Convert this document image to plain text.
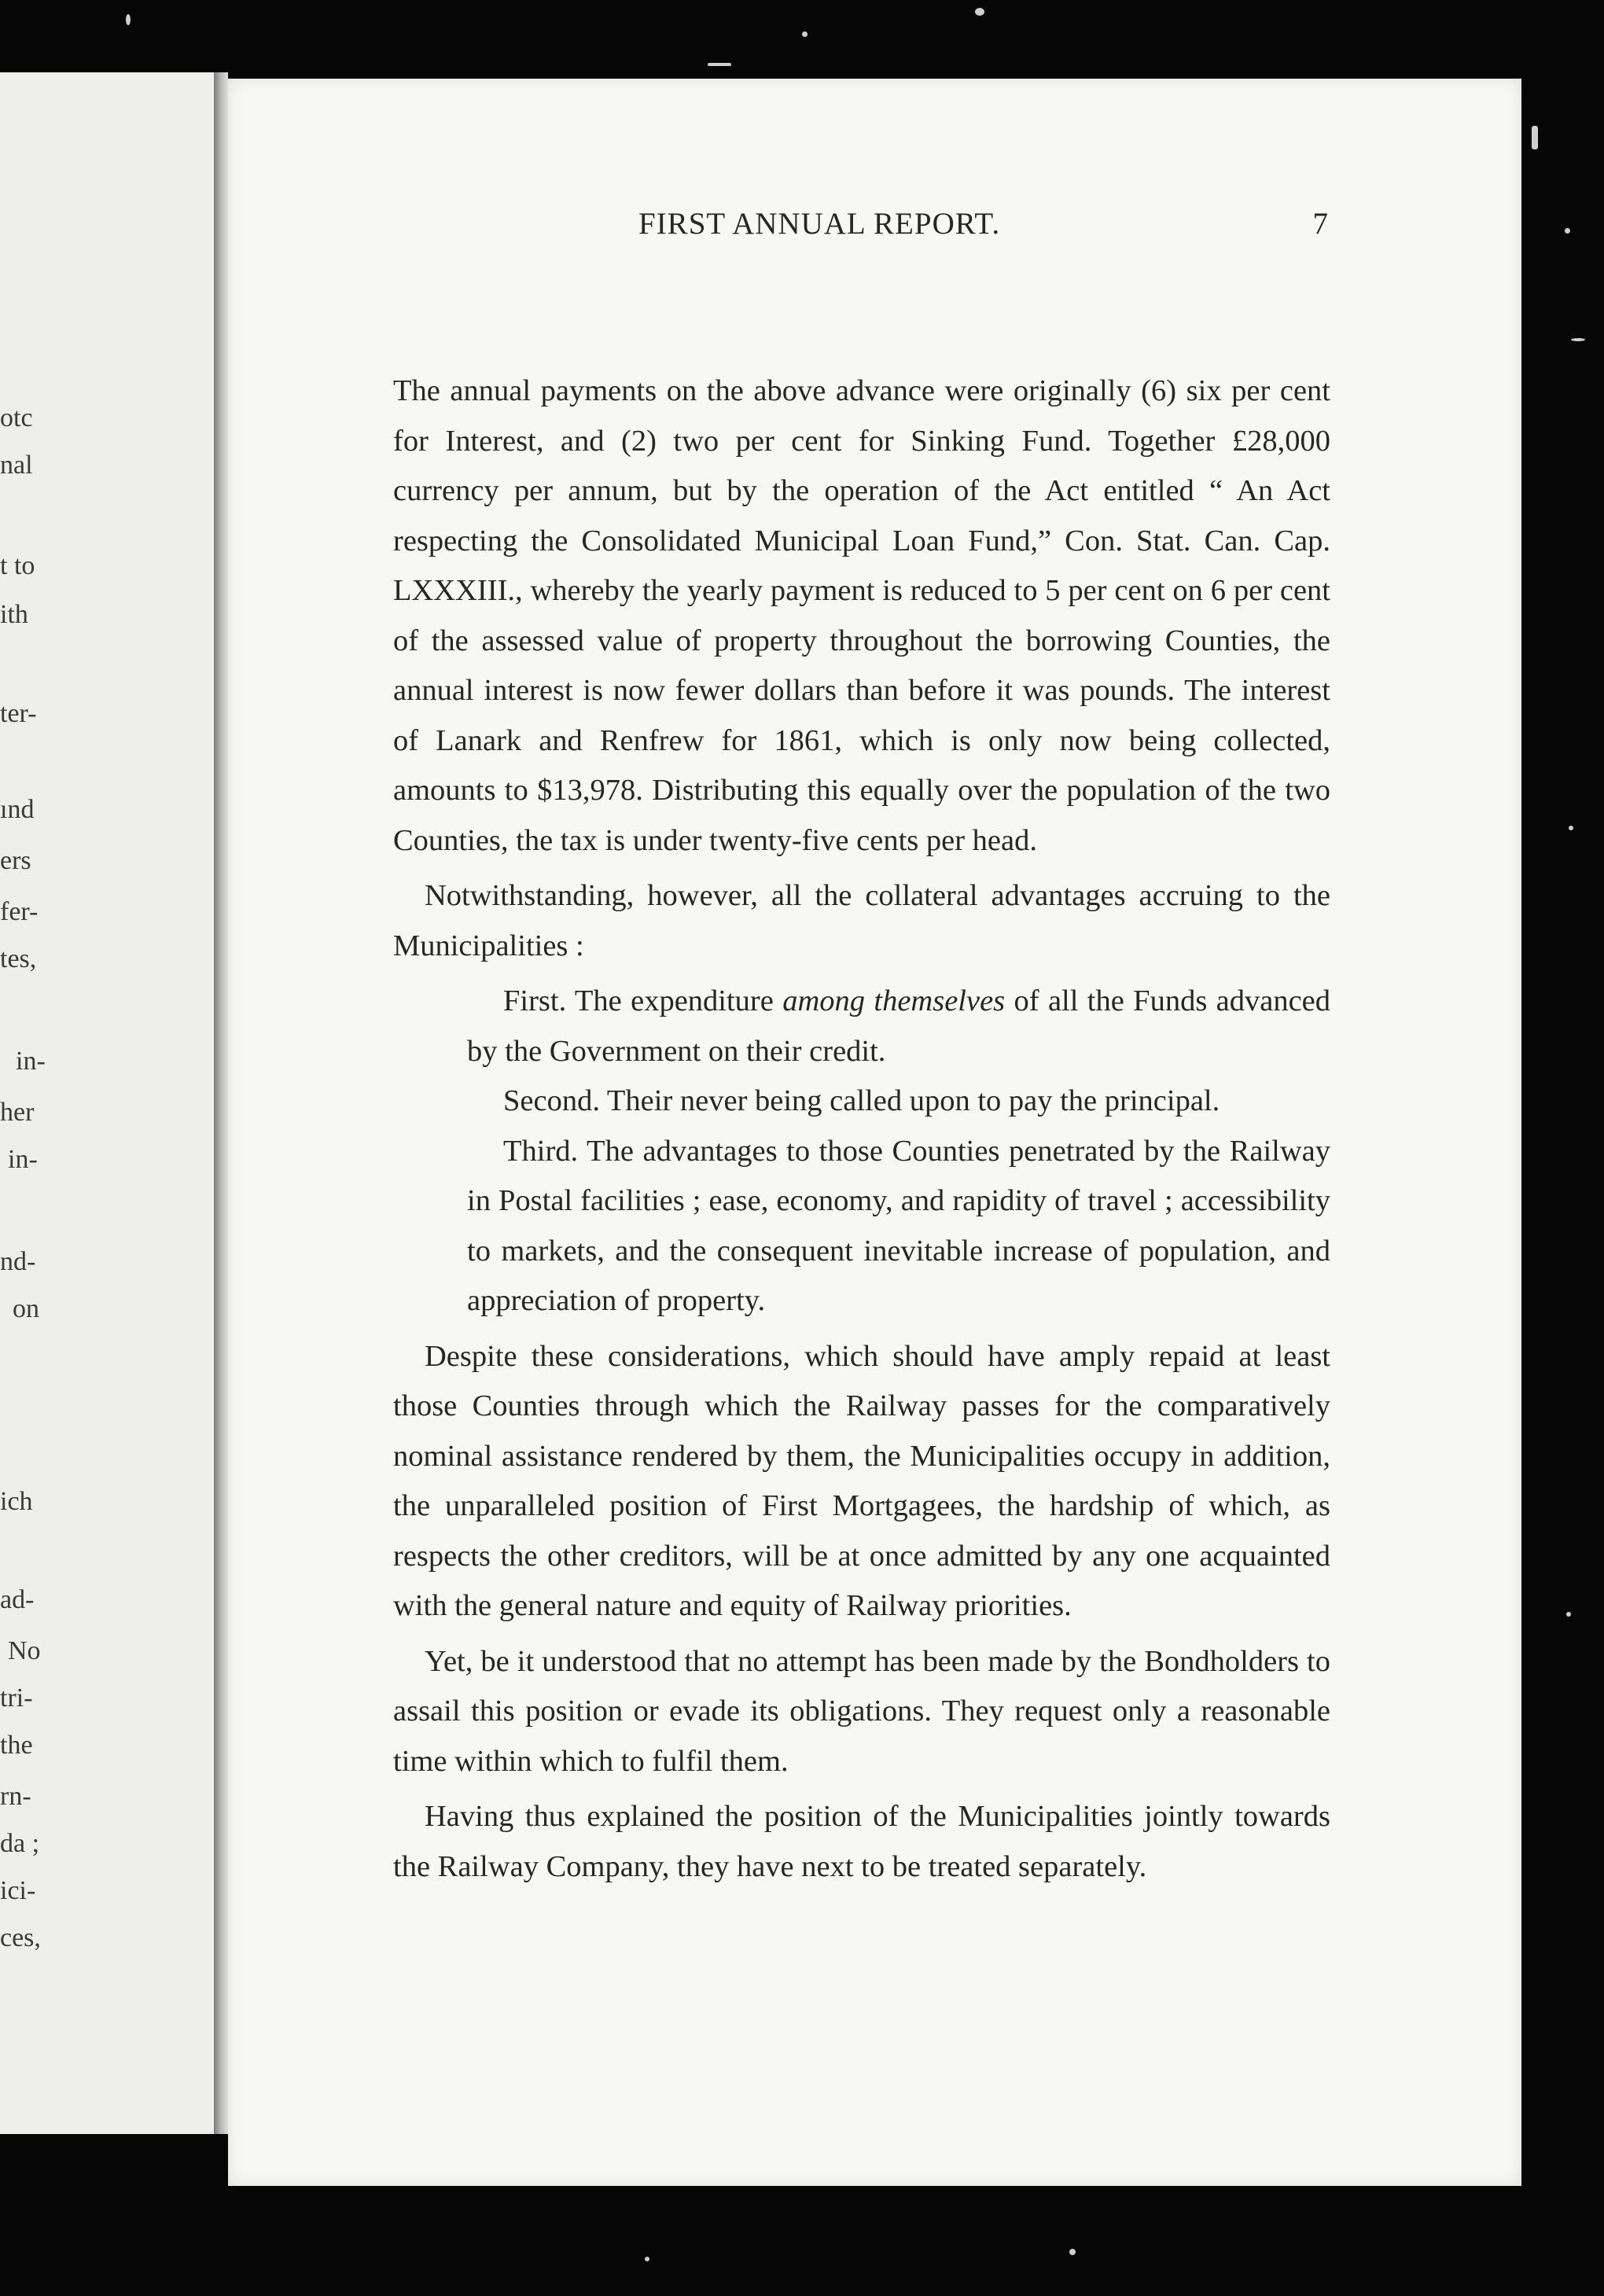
otc
nal
t to
ith
ter-
ınd
ers
fer-
tes,
in-
her
in-
nd-
on
ich
ad-
No
tri-
the
rn-
da ;
ici-
ces,
FIRST ANNUAL REPORT.	7

The annual payments on the above advance were originally (6) six per cent for Interest, and (2) two per cent for Sinking Fund. Together £28,000 currency per annum, but by the operation of the Act entitled “ An Act respecting the Consolidated Municipal Loan Fund,” Con. Stat. Can. Cap. LXXXIII., whereby the yearly payment is reduced to 5 per cent on 6 per cent of the assessed value of property throughout the borrowing Counties, the annual interest is now fewer dollars than before it was pounds. The interest of Lanark and Renfrew for 1861, which is only now being collected, amounts to $13,978. Distributing this equally over the population of the two Counties, the tax is under twenty-five cents per head.

Notwithstanding, however, all the collateral advantages accruing to the Municipalities :

First. The expenditure among themselves of all the Funds advanced by the Government on their credit.

Second. Their never being called upon to pay the principal.

Third. The advantages to those Counties penetrated by the Railway in Postal facilities ; ease, economy, and rapidity of travel ; accessibility to markets, and the consequent inevitable increase of population, and appreciation of property.

Despite these considerations, which should have amply repaid at least those Counties through which the Railway passes for the comparatively nominal assistance rendered by them, the Municipalities occupy in addition, the unparalleled position of First Mortgagees, the hardship of which, as respects the other creditors, will be at once admitted by any one acquainted with the general nature and equity of Railway priorities.

Yet, be it understood that no attempt has been made by the Bondholders to assail this position or evade its obligations. They request only a reasonable time within which to fulfil them.

Having thus explained the position of the Municipalities jointly towards the Railway Company, they have next to be treated separately.
